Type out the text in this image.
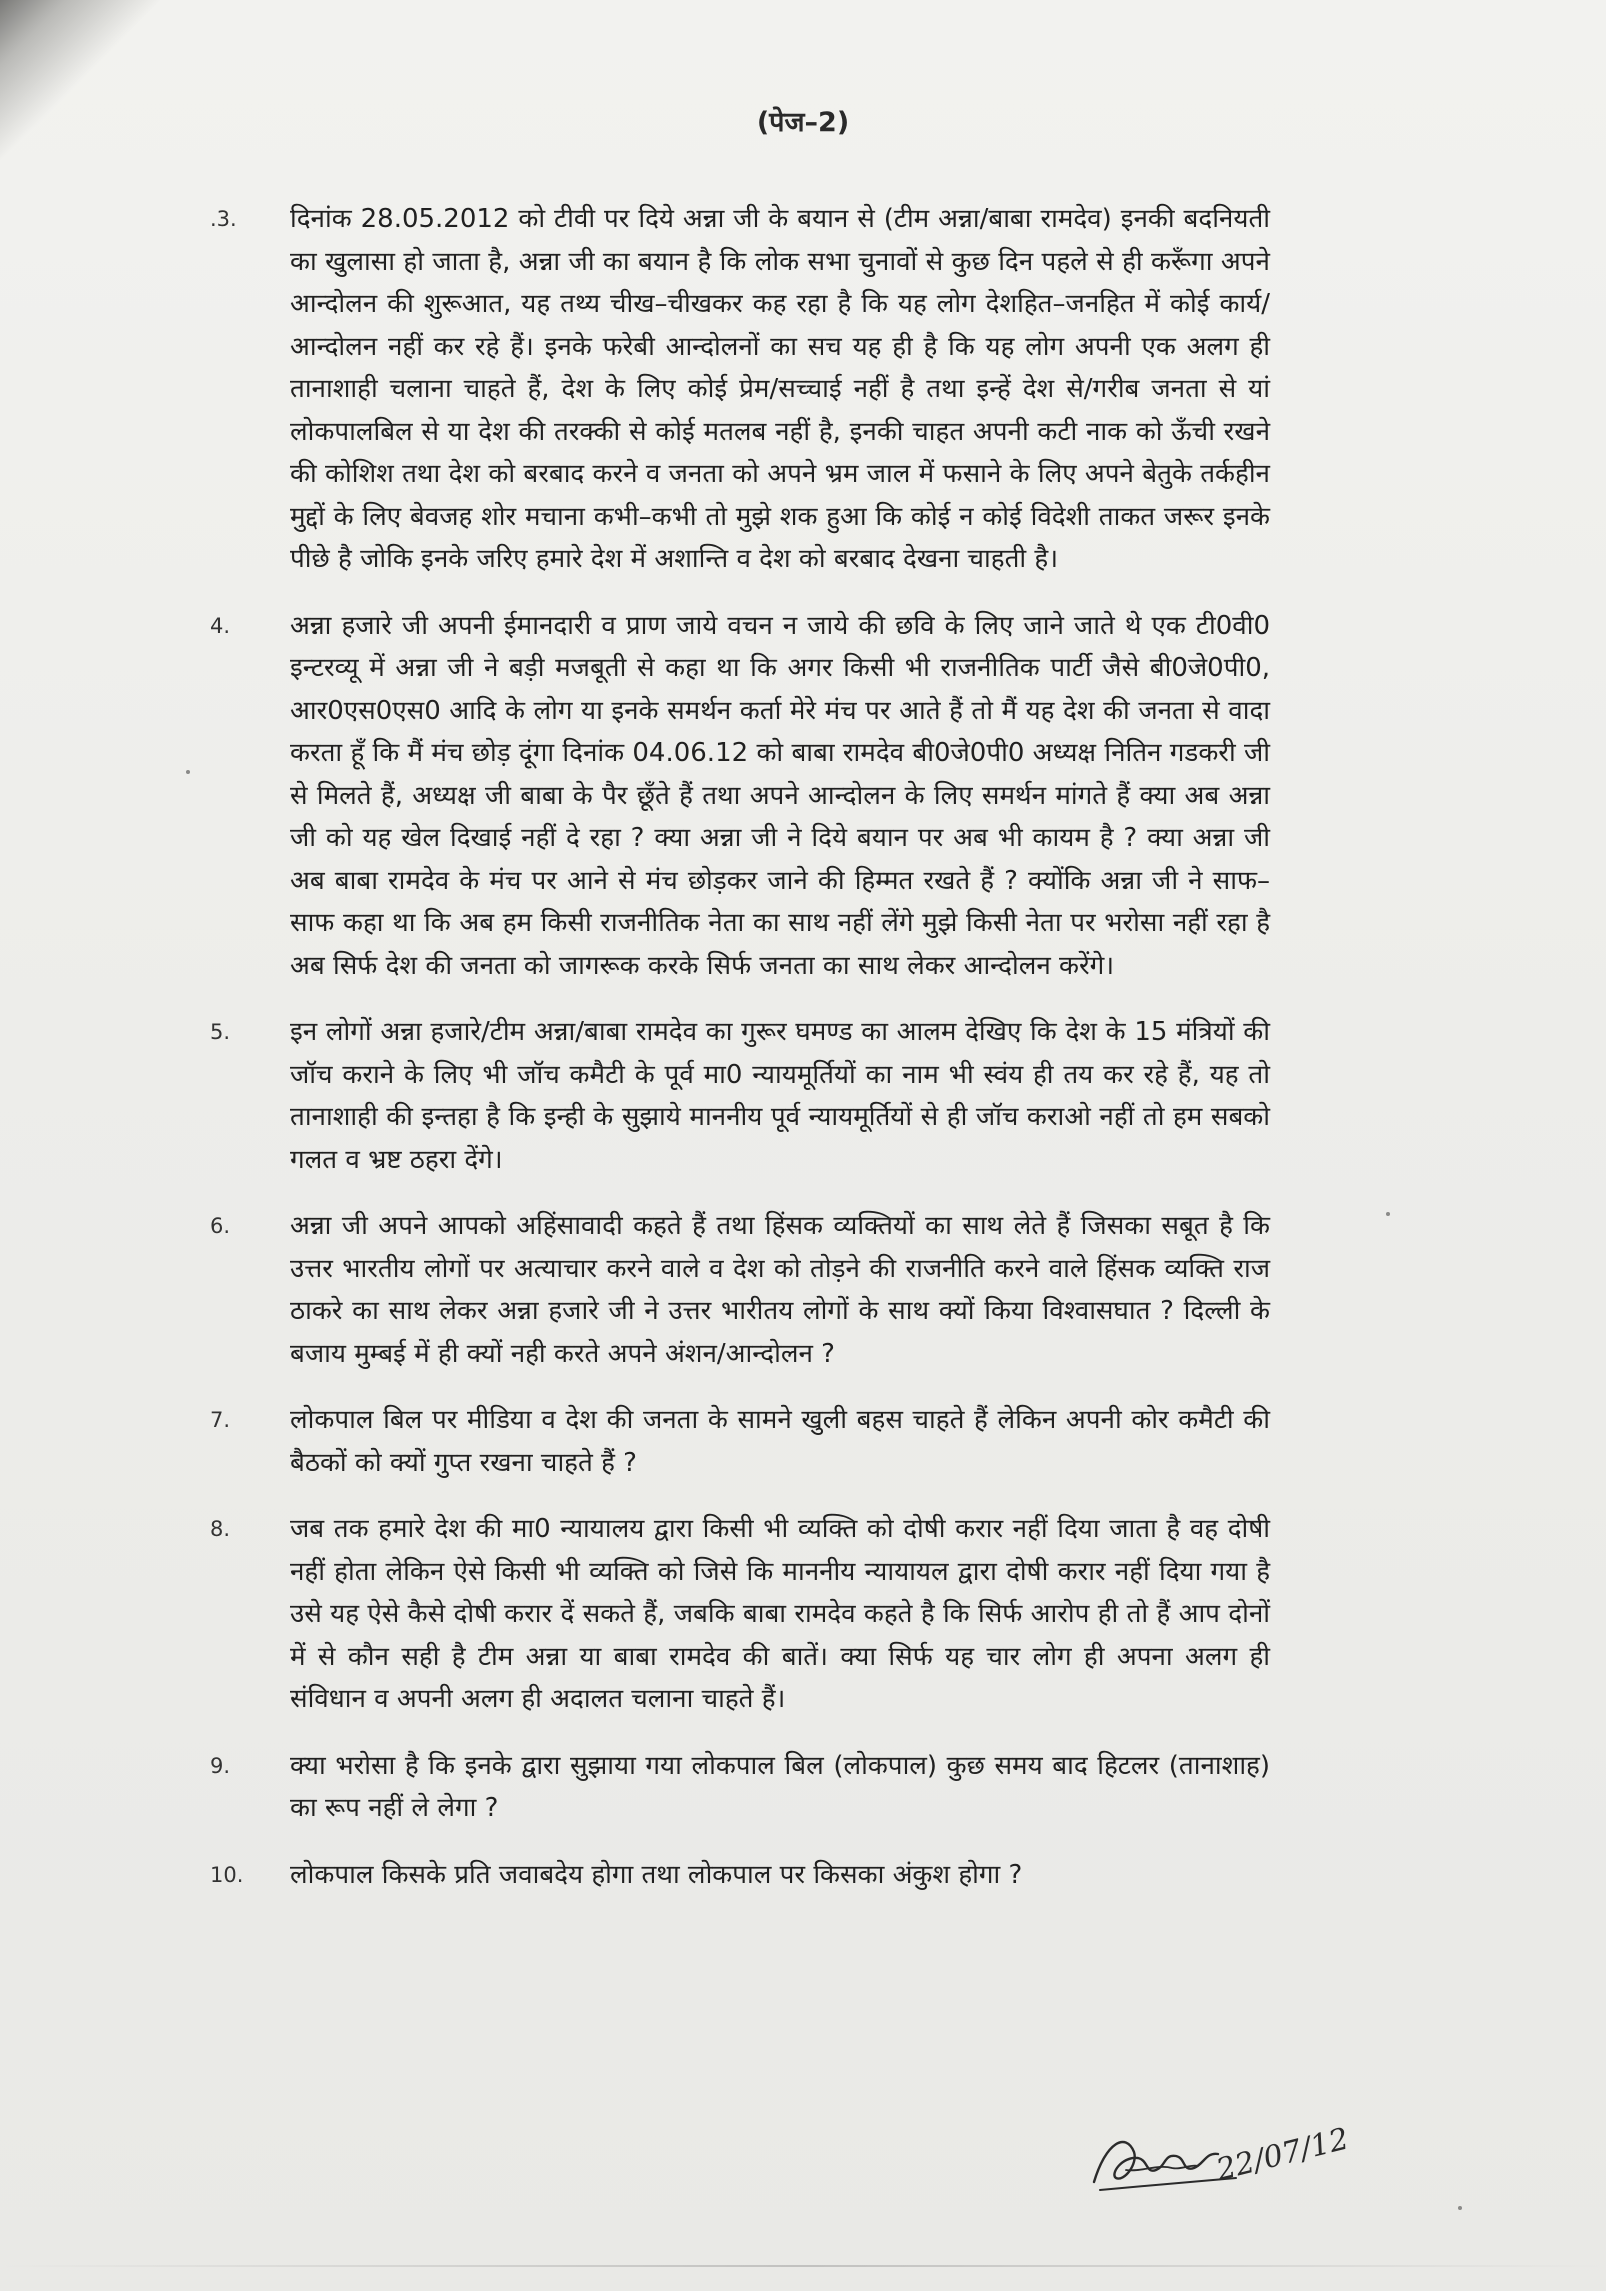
(पेज–2)
.3. दिनांक 28.05.2012 को टीवी पर दिये अन्ना जी के बयान से (टीम अन्ना/बाबा रामदेव) इनकी बदनियती का खुलासा हो जाता है, अन्ना जी का बयान है कि लोक सभा चुनावों से कुछ दिन पहले से ही करूँगा अपने आन्दोलन की शुरूआत, यह तथ्य चीख–चीखकर कह रहा है कि यह लोग देशहित–जनहित में कोई कार्य/आन्दोलन नहीं कर रहे हैं। इनके फरेबी आन्दोलनों का सच यह ही है कि यह लोग अपनी एक अलग ही तानाशाही चलाना चाहते हैं, देश के लिए कोई प्रेम/सच्चाई नहीं है तथा इन्हें देश से/गरीब जनता से यां लोकपालबिल से या देश की तरक्की से कोई मतलब नहीं है, इनकी चाहत अपनी कटी नाक को ऊँची रखने की कोशिश तथा देश को बरबाद करने व जनता को अपने भ्रम जाल में फसाने के लिए अपने बेतुके तर्कहीन मुद्दों के लिए बेवजह शोर मचाना कभी–कभी तो मुझे शक हुआ कि कोई न कोई विदेशी ताकत जरूर इनके पीछे है जोकि इनके जरिए हमारे देश में अशान्ति व देश को बरबाद देखना चाहती है।
4. अन्ना हजारे जी अपनी ईमानदारी व प्राण जाये वचन न जाये की छवि के लिए जाने जाते थे एक टी0वी0 इन्टरव्यू में अन्ना जी ने बड़ी मजबूती से कहा था कि अगर किसी भी राजनीतिक पार्टी जैसे बी0जे0पी0, आर0एस0एस0 आदि के लोग या इनके समर्थन कर्ता मेरे मंच पर आते हैं तो मैं यह देश की जनता से वादा करता हूँ कि मैं मंच छोड़ दूंगा दिनांक 04.06.12 को बाबा रामदेव बी0जे0पी0 अध्यक्ष नितिन गडकरी जी से मिलते हैं, अध्यक्ष जी बाबा के पैर छूँते हैं तथा अपने आन्दोलन के लिए समर्थन मांगते हैं क्या अब अन्ना जी को यह खेल दिखाई नहीं दे रहा ? क्या अन्ना जी ने दिये बयान पर अब भी कायम है ? क्या अन्ना जी अब बाबा रामदेव के मंच पर आने से मंच छोड़कर जाने की हिम्मत रखते हैं ? क्योंकि अन्ना जी ने साफ–साफ कहा था कि अब हम किसी राजनीतिक नेता का साथ नहीं लेंगे मुझे किसी नेता पर भरोसा नहीं रहा है अब सिर्फ देश की जनता को जागरूक करके सिर्फ जनता का साथ लेकर आन्दोलन करेंगे।
5. इन लोगों अन्ना हजारे/टीम अन्ना/बाबा रामदेव का गुरूर घमण्ड का आलम देखिए कि देश के 15 मंत्रियों की जॉच कराने के लिए भी जॉच कमैटी के पूर्व मा0 न्यायमूर्तियों का नाम भी स्वंय ही तय कर रहे हैं, यह तो तानाशाही की इन्तहा है कि इन्ही के सुझाये माननीय पूर्व न्यायमूर्तियों से ही जॉच कराओ नहीं तो हम सबको गलत व भ्रष्ट ठहरा देंगे।
6. अन्ना जी अपने आपको अहिंसावादी कहते हैं तथा हिंसक व्यक्तियों का साथ लेते हैं जिसका सबूत है कि उत्तर भारतीय लोगों पर अत्याचार करने वाले व देश को तोड़ने की राजनीति करने वाले हिंसक व्यक्ति राज ठाकरे का साथ लेकर अन्ना हजारे जी ने उत्तर भारीतय लोगों के साथ क्यों किया विश्वासघात ? दिल्ली के बजाय मुम्बई में ही क्यों नही करते अपने अंशन/आन्दोलन ?
7. लोकपाल बिल पर मीडिया व देश की जनता के सामने खुली बहस चाहते हैं लेकिन अपनी कोर कमैटी की बैठकों को क्यों गुप्त रखना चाहते हैं ?
8. जब तक हमारे देश की मा0 न्यायालय द्वारा किसी भी व्यक्ति को दोषी करार नहीं दिया जाता है वह दोषी नहीं होता लेकिन ऐसे किसी भी व्यक्ति को जिसे कि माननीय न्यायायल द्वारा दोषी करार नहीं दिया गया है उसे यह ऐसे कैसे दोषी करार दें सकते हैं, जबकि बाबा रामदेव कहते है कि सिर्फ आरोप ही तो हैं आप दोनों में से कौन सही है टीम अन्ना या बाबा रामदेव की बातें। क्या सिर्फ यह चार लोग ही अपना अलग ही संविधान व अपनी अलग ही अदालत चलाना चाहते हैं।
9. क्या भरोसा है कि इनके द्वारा सुझाया गया लोकपाल बिल (लोकपाल) कुछ समय बाद हिटलर (तानाशाह) का रूप नहीं ले लेगा ?
10. लोकपाल किसके प्रति जवाबदेय होगा तथा लोकपाल पर किसका अंकुश होगा ?
22/07/12
